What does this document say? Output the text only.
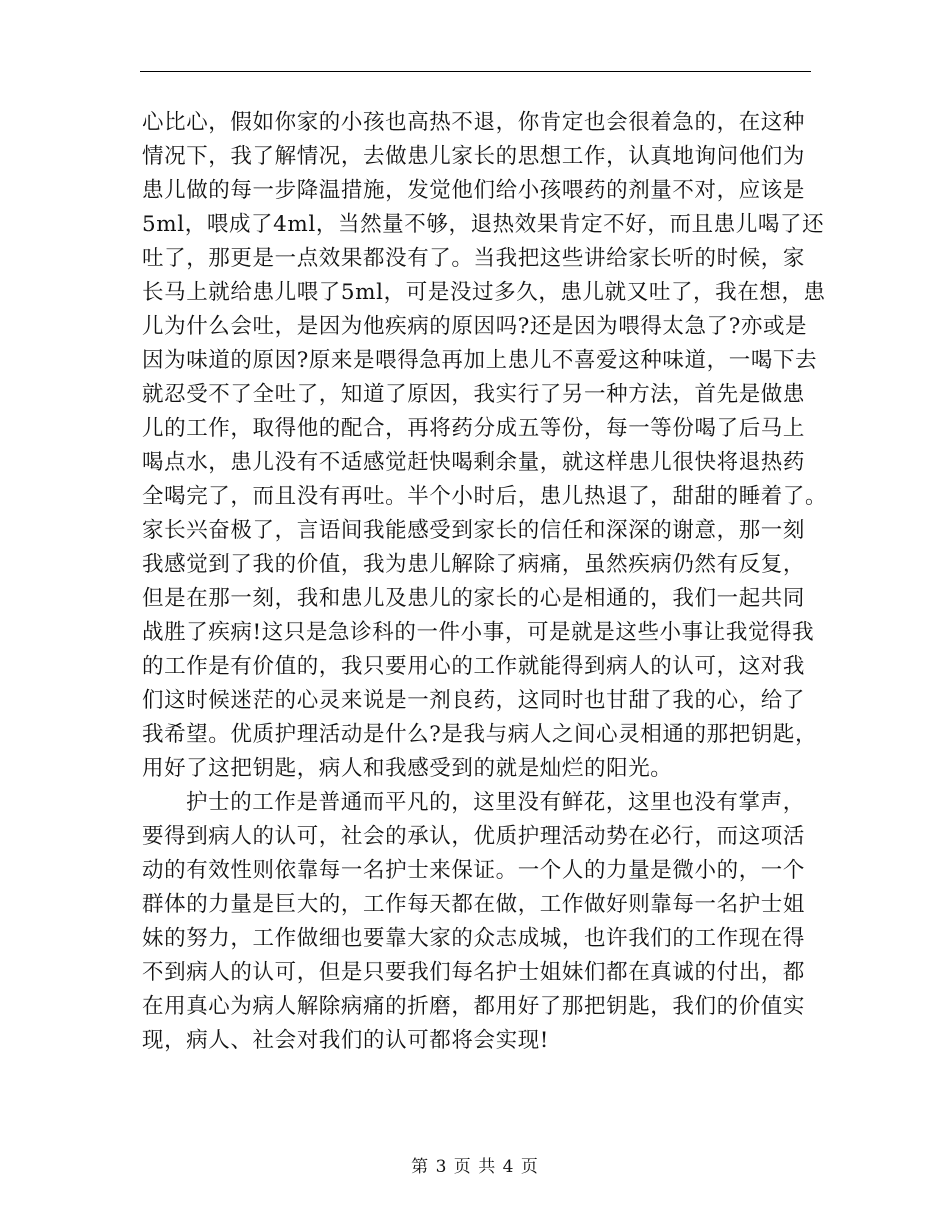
心比心，假如你家的小孩也高热不退，你肯定也会很着急的，在这种
情况下，我了解情况，去做患儿家长的思想工作，认真地询问他们为
患儿做的每一步降温措施，发觉他们给小孩喂药的剂量不对，应该是
5ml，喂成了4ml，当然量不够，退热效果肯定不好，而且患儿喝了还
吐了，那更是一点效果都没有了。当我把这些讲给家长听的时候，家
长马上就给患儿喂了5ml，可是没过多久，患儿就又吐了，我在想，患
儿为什么会吐，是因为他疾病的原因吗?还是因为喂得太急了?亦或是
因为味道的原因?原来是喂得急再加上患儿不喜爱这种味道，一喝下去
就忍受不了全吐了，知道了原因，我实行了另一种方法，首先是做患
儿的工作，取得他的配合，再将药分成五等份，每一等份喝了后马上
喝点水，患儿没有不适感觉赶快喝剩余量，就这样患儿很快将退热药
全喝完了，而且没有再吐。半个小时后，患儿热退了，甜甜的睡着了。
家长兴奋极了，言语间我能感受到家长的信任和深深的谢意，那一刻
我感觉到了我的价值，我为患儿解除了病痛，虽然疾病仍然有反复，
但是在那一刻，我和患儿及患儿的家长的心是相通的，我们一起共同
战胜了疾病!这只是急诊科的一件小事，可是就是这些小事让我觉得我
的工作是有价值的，我只要用心的工作就能得到病人的认可，这对我
们这时候迷茫的心灵来说是一剂良药，这同时也甘甜了我的心，给了
我希望。优质护理活动是什么?是我与病人之间心灵相通的那把钥匙，
用好了这把钥匙，病人和我感受到的就是灿烂的阳光。
护士的工作是普通而平凡的，这里没有鲜花，这里也没有掌声，
要得到病人的认可，社会的承认，优质护理活动势在必行，而这项活
动的有效性则依靠每一名护士来保证。一个人的力量是微小的，一个
群体的力量是巨大的，工作每天都在做，工作做好则靠每一名护士姐
妹的努力，工作做细也要靠大家的众志成城，也许我们的工作现在得
不到病人的认可，但是只要我们每名护士姐妹们都在真诚的付出，都
在用真心为病人解除病痛的折磨，都用好了那把钥匙，我们的价值实
现，病人、社会对我们的认可都将会实现!
第 3 页 共 4 页
